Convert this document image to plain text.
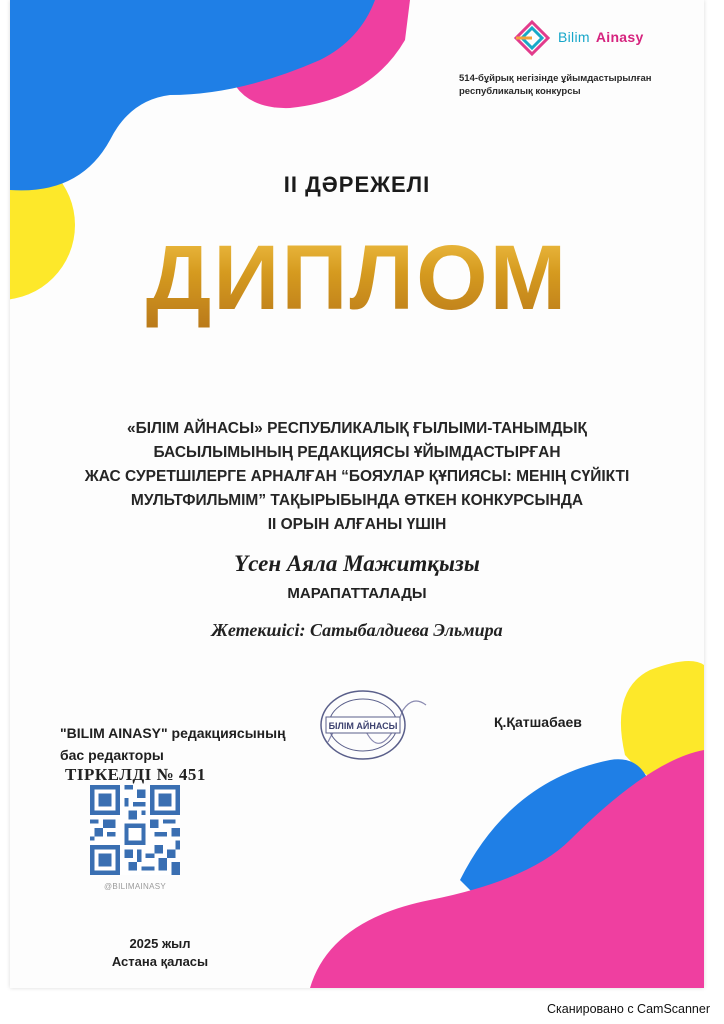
Bilim Ainasy
514-бұйрық негізінде ұйымдастырылған
республикалық конкурсы
II ДӘРЕЖЕЛІ
ДИПЛОМ
«БІЛІМ АЙНАСЫ» РЕСПУБЛИКАЛЫҚ ҒЫЛЫМИ-ТАНЫМДЫҚ
БАСЫЛЫМЫНЫҢ РЕДАКЦИЯСЫ ҰЙЫМДАСТЫРҒАН
ЖАС СУРЕТШІЛЕРГЕ АРНАЛҒАН “БОЯУЛАР ҚҰПИЯСЫ: МЕНІҢ СҮЙІКТІ
МУЛЬТФИЛЬМІМ” ТАҚЫРЫБЫНДА ӨТКЕН КОНКУРСЫНДА
II ОРЫН АЛҒАНЫ ҮШІН
Үсен Аяла Мажитқызы
МАРАПАТТАЛАДЫ
Жетекшісі: Сатыбалдиева Эльмира
"BILIM AINASY" редакциясының
бас редакторы
БІЛІМ АЙНАСЫ	Қ.Қатшабаев
ТІРКЕЛДІ № 451
@BILIMAINASY
2025 жыл
Астана қаласы
Сканировано с CamScanner
